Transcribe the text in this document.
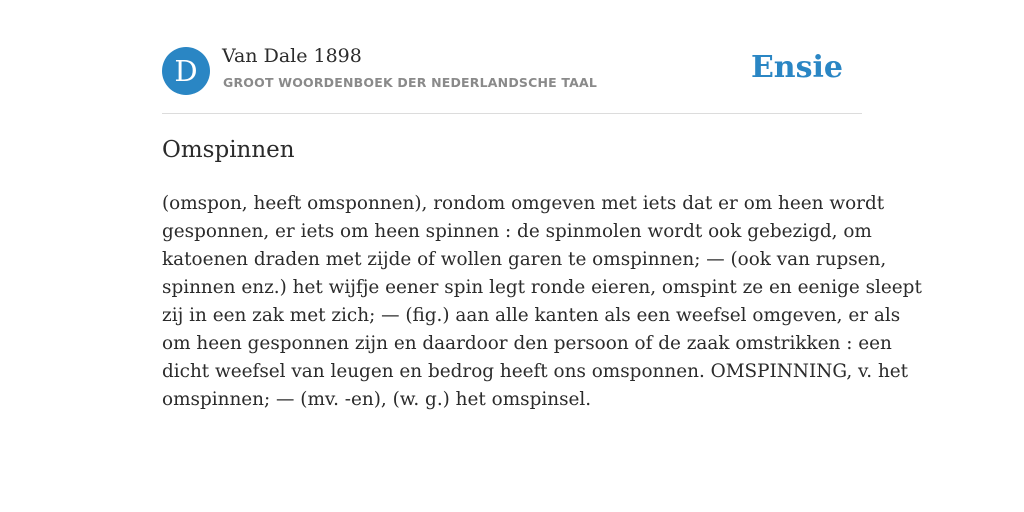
D	Van Dale 1898
GROOT WOORDENBOEK DER NEDERLANDSCHE TAAL	Ensie
Omspinnen
(omspon, heeft omsponnen), rondom omgeven met iets dat er om heen wordt
gesponnen, er iets om heen spinnen : de spinmolen wordt ook gebezigd, om
katoenen draden met zijde of wollen garen te omspinnen; — (ook van rupsen,
spinnen enz.) het wijfje eener spin legt ronde eieren, omspint ze en eenige sleept
zij in een zak met zich; — (fig.) aan alle kanten als een weefsel omgeven, er als
om heen gesponnen zijn en daardoor den persoon of de zaak omstrikken : een
dicht weefsel van leugen en bedrog heeft ons omsponnen. OMSPINNING, v. het
omspinnen; — (mv. -en), (w. g.) het omspinsel.
